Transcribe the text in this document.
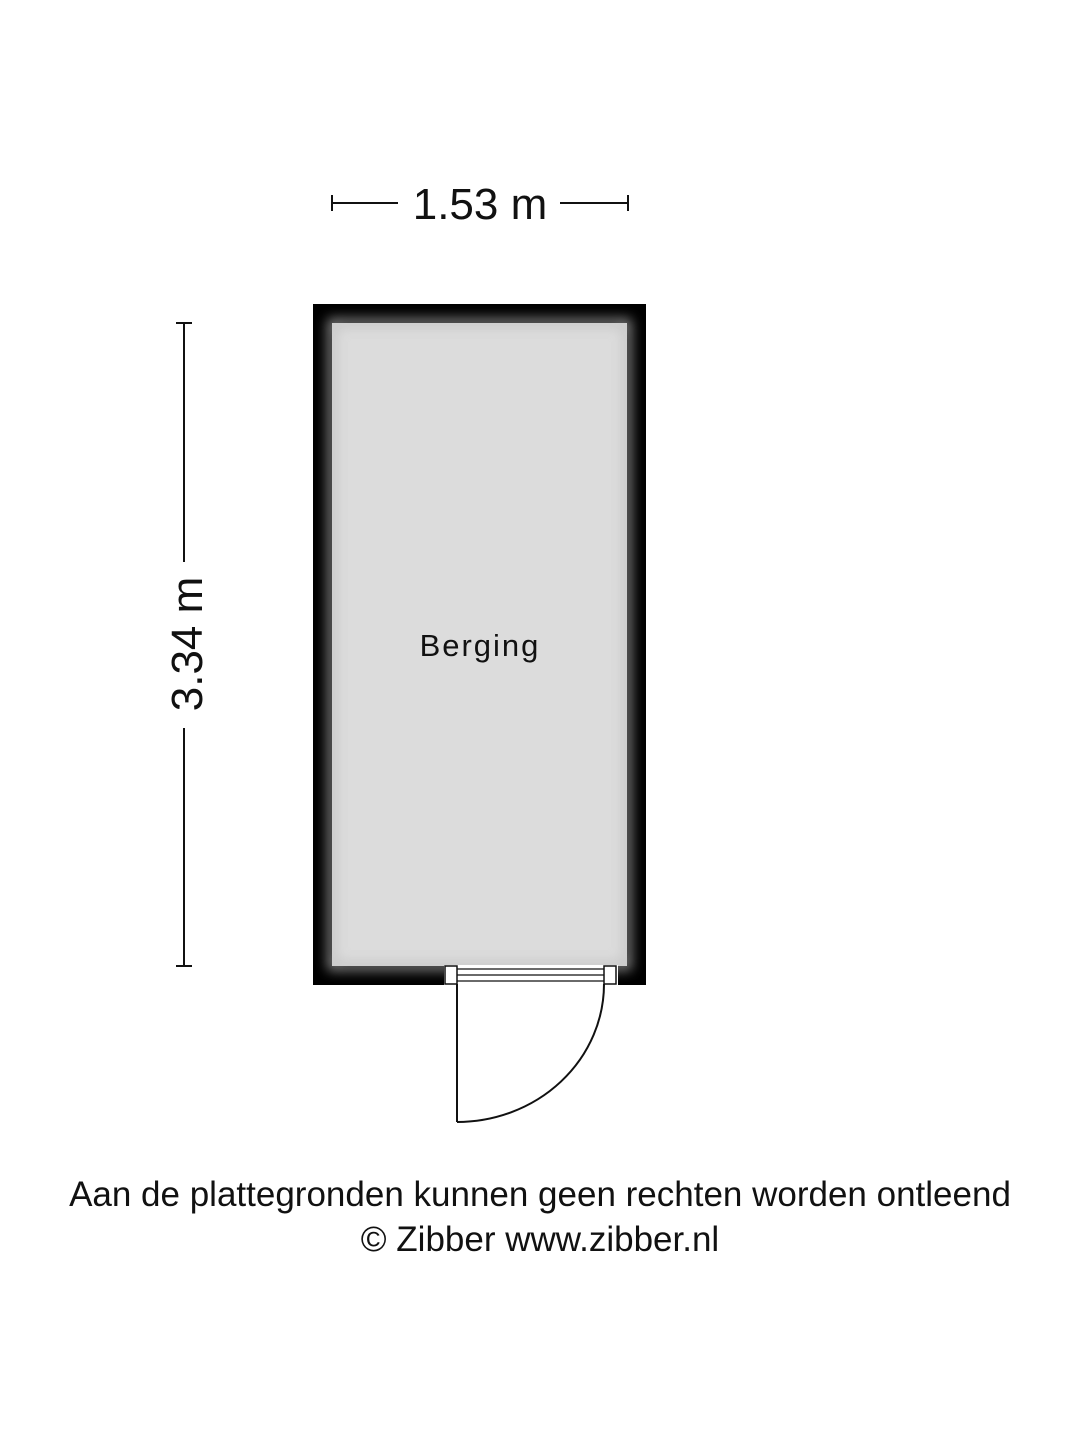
1.53 m
3.34 m	Berging
Aan de plattegronden kunnen geen rechten worden ontleend
© Zibber www.zibber.nl
